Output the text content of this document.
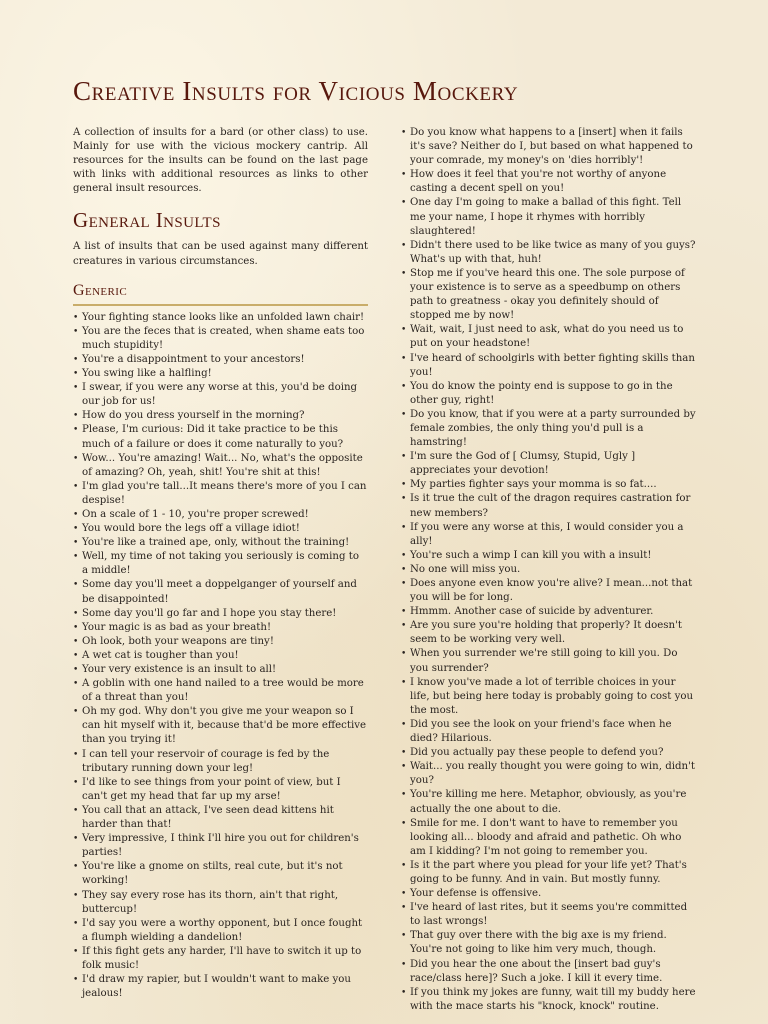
Creative Insults for Vicious Mockery

A collection of insults for a bard (or other class) to use. Mainly for use with the vicious mockery cantrip. All resources for the insults can be found on the last page with links with additional resources as links to other general insult resources.

General Insults

A list of insults that can be used against many different creatures in various circumstances.

Generic
• Your fighting stance looks like an unfolded lawn chair!
• You are the feces that is created, when shame eats too much stupidity!
• You're a disappointment to your ancestors!
• You swing like a halfling!
• I swear, if you were any worse at this, you'd be doing our job for us!
• How do you dress yourself in the morning?
• Please, I'm curious: Did it take practice to be this much of a failure or does it come naturally to you?
• Wow... You're amazing! Wait... No, what's the opposite of amazing? Oh, yeah, shit! You're shit at this!
• I'm glad you're tall...It means there's more of you I can despise!
• On a scale of 1 - 10, you're proper screwed!
• You would bore the legs off a village idiot!
• You're like a trained ape, only, without the training!
• Well, my time of not taking you seriously is coming to a middle!
• Some day you'll meet a doppelganger of yourself and be disappointed!
• Some day you'll go far and I hope you stay there!
• Your magic is as bad as your breath!
• Oh look, both your weapons are tiny!
• A wet cat is tougher than you!
• Your very existence is an insult to all!
• A goblin with one hand nailed to a tree would be more of a threat than you!
• Oh my god. Why don't you give me your weapon so I can hit myself with it, because that'd be more effective than you trying it!
• I can tell your reservoir of courage is fed by the tributary running down your leg!
• I'd like to see things from your point of view, but I can't get my head that far up my arse!
• You call that an attack, I've seen dead kittens hit harder than that!
• Very impressive, I think I'll hire you out for children's parties!
• You're like a gnome on stilts, real cute, but it's not working!
• They say every rose has its thorn, ain't that right, buttercup!
• I'd say you were a worthy opponent, but I once fought a flumph wielding a dandelion!
• If this fight gets any harder, I'll have to switch it up to folk music!
• I'd draw my rapier, but I wouldn't want to make you jealous!
• Do you know what happens to a [insert] when it fails it's save? Neither do I, but based on what happened to your comrade, my money's on 'dies horribly'!
• How does it feel that you're not worthy of anyone casting a decent spell on you!
• One day I'm going to make a ballad of this fight. Tell me your name, I hope it rhymes with horribly slaughtered!
• Didn't there used to be like twice as many of you guys? What's up with that, huh!
• Stop me if you've heard this one. The sole purpose of your existence is to serve as a speedbump on others path to greatness - okay you definitely should of stopped me by now!
• Wait, wait, I just need to ask, what do you need us to put on your headstone!
• I've heard of schoolgirls with better fighting skills than you!
• You do know the pointy end is suppose to go in the other guy, right!
• Do you know, that if you were at a party surrounded by female zombies, the only thing you'd pull is a hamstring!
• I'm sure the God of [ Clumsy, Stupid, Ugly ] appreciates your devotion!
• My parties fighter says your momma is so fat....
• Is it true the cult of the dragon requires castration for new members?
• If you were any worse at this, I would consider you a ally!
• You're such a wimp I can kill you with a insult!
• No one will miss you.
• Does anyone even know you're alive? I mean...not that you will be for long.
• Hmmm. Another case of suicide by adventurer.
• Are you sure you're holding that properly? It doesn't seem to be working very well.
• When you surrender we're still going to kill you. Do you surrender?
• I know you've made a lot of terrible choices in your life, but being here today is probably going to cost you the most.
• Did you see the look on your friend's face when he died? Hilarious.
• Did you actually pay these people to defend you?
• Wait... you really thought you were going to win, didn't you?
• You're killing me here. Metaphor, obviously, as you're actually the one about to die.
• Smile for me. I don't want to have to remember you looking all... bloody and afraid and pathetic. Oh who am I kidding? I'm not going to remember you.
• Is it the part where you plead for your life yet? That's going to be funny. And in vain. But mostly funny.
• Your defense is offensive.
• I've heard of last rites, but it seems you're committed to last wrongs!
• That guy over there with the big axe is my friend. You're not going to like him very much, though.
• Did you hear the one about the [insert bad guy's race/class here]? Such a joke. I kill it every time.
• If you think my jokes are funny, wait till my buddy here with the mace starts his "knock, knock" routine.
